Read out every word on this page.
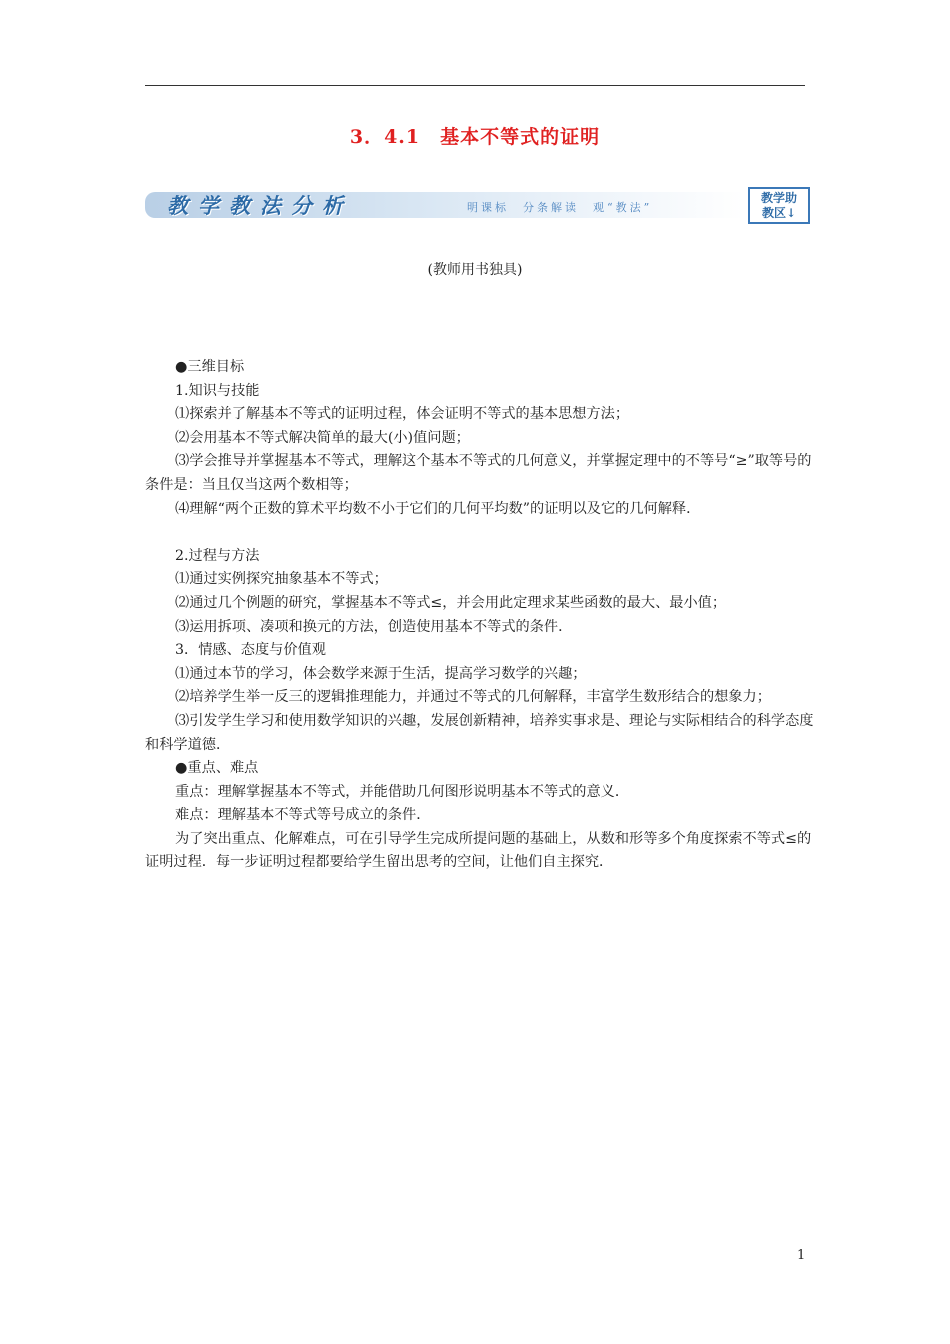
3．4.1　基本不等式的证明
教学教法分析	明课标　分条解读　观“教法”
教学助
教区↓
(教师用书独具)

●三维目标

1.知识与技能

⑴探索并了解基本不等式的证明过程，体会证明不等式的基本思想方法；

⑵会用基本不等式解决简单的最大(小)值问题；

⑶学会推导并掌握基本不等式，理解这个基本不等式的几何意义，并掌握定理中的不等号“≥”取等号的条件是：当且仅当这两个数相等；

⑷理解“两个正数的算术平均数不小于它们的几何平均数”的证明以及它的几何解释．

2.过程与方法

⑴通过实例探究抽象基本不等式；

⑵通过几个例题的研究，掌握基本不等式≤，并会用此定理求某些函数的最大、最小值；

⑶运用拆项、凑项和换元的方法，创造使用基本不等式的条件．

3．情感、态度与价值观

⑴通过本节的学习，体会数学来源于生活，提高学习数学的兴趣；

⑵培养学生举一反三的逻辑推理能力，并通过不等式的几何解释，丰富学生数形结合的想象力；

⑶引发学生学习和使用数学知识的兴趣，发展创新精神，培养实事求是、理论与实际相结合的科学态度和科学道德．

●重点、难点

重点：理解掌握基本不等式，并能借助几何图形说明基本不等式的意义．

难点：理解基本不等式等号成立的条件．

为了突出重点、化解难点，可在引导学生完成所提问题的基础上，从数和形等多个角度探索不等式≤的证明过程．每一步证明过程都要给学生留出思考的空间，让他们自主探究．

1
